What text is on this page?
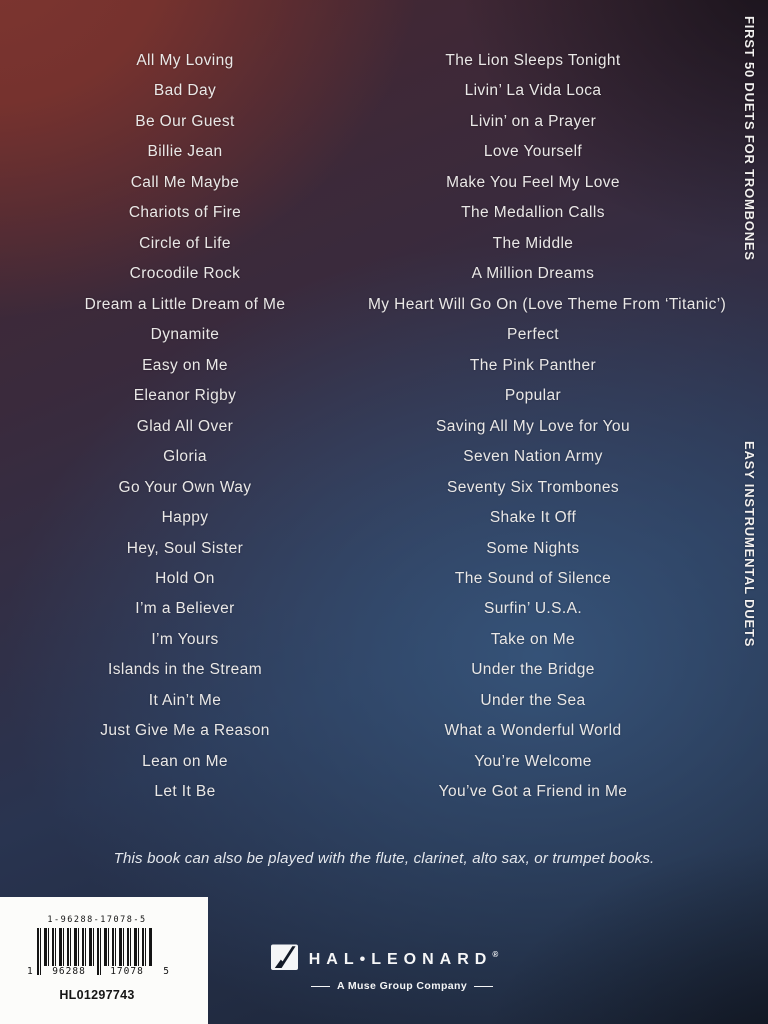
All My Loving
Bad Day
Be Our Guest
Billie Jean
Call Me Maybe
Chariots of Fire
Circle of Life
Crocodile Rock
Dream a Little Dream of Me
Dynamite
Easy on Me
Eleanor Rigby
Glad All Over
Gloria
Go Your Own Way
Happy
Hey, Soul Sister
Hold On
I’m a Believer
I’m Yours
Islands in the Stream
It Ain’t Me
Just Give Me a Reason
Lean on Me
Let It Be
The Lion Sleeps Tonight
Livin’ La Vida Loca
Livin’ on a Prayer
Love Yourself
Make You Feel My Love
The Medallion Calls
The Middle
A Million Dreams
My Heart Will Go On (Love Theme From ‘Titanic’)
Perfect
The Pink Panther
Popular
Saving All My Love for You
Seven Nation Army
Seventy Six Trombones
Shake It Off
Some Nights
The Sound of Silence
Surfin’ U.S.A.
Take on Me
Under the Bridge
Under the Sea
What a Wonderful World
You’re Welcome
You’ve Got a Friend in Me
FIRST 50 DUETS FOR TROMBONES
EASY INSTRUMENTAL DUETS
This book can also be played with the flute, clarinet, alto sax, or trumpet books.
1-96288-17078-5
1	96288	17078	5
HL01297743
HAL•LEONARD®
A Muse Group Company
